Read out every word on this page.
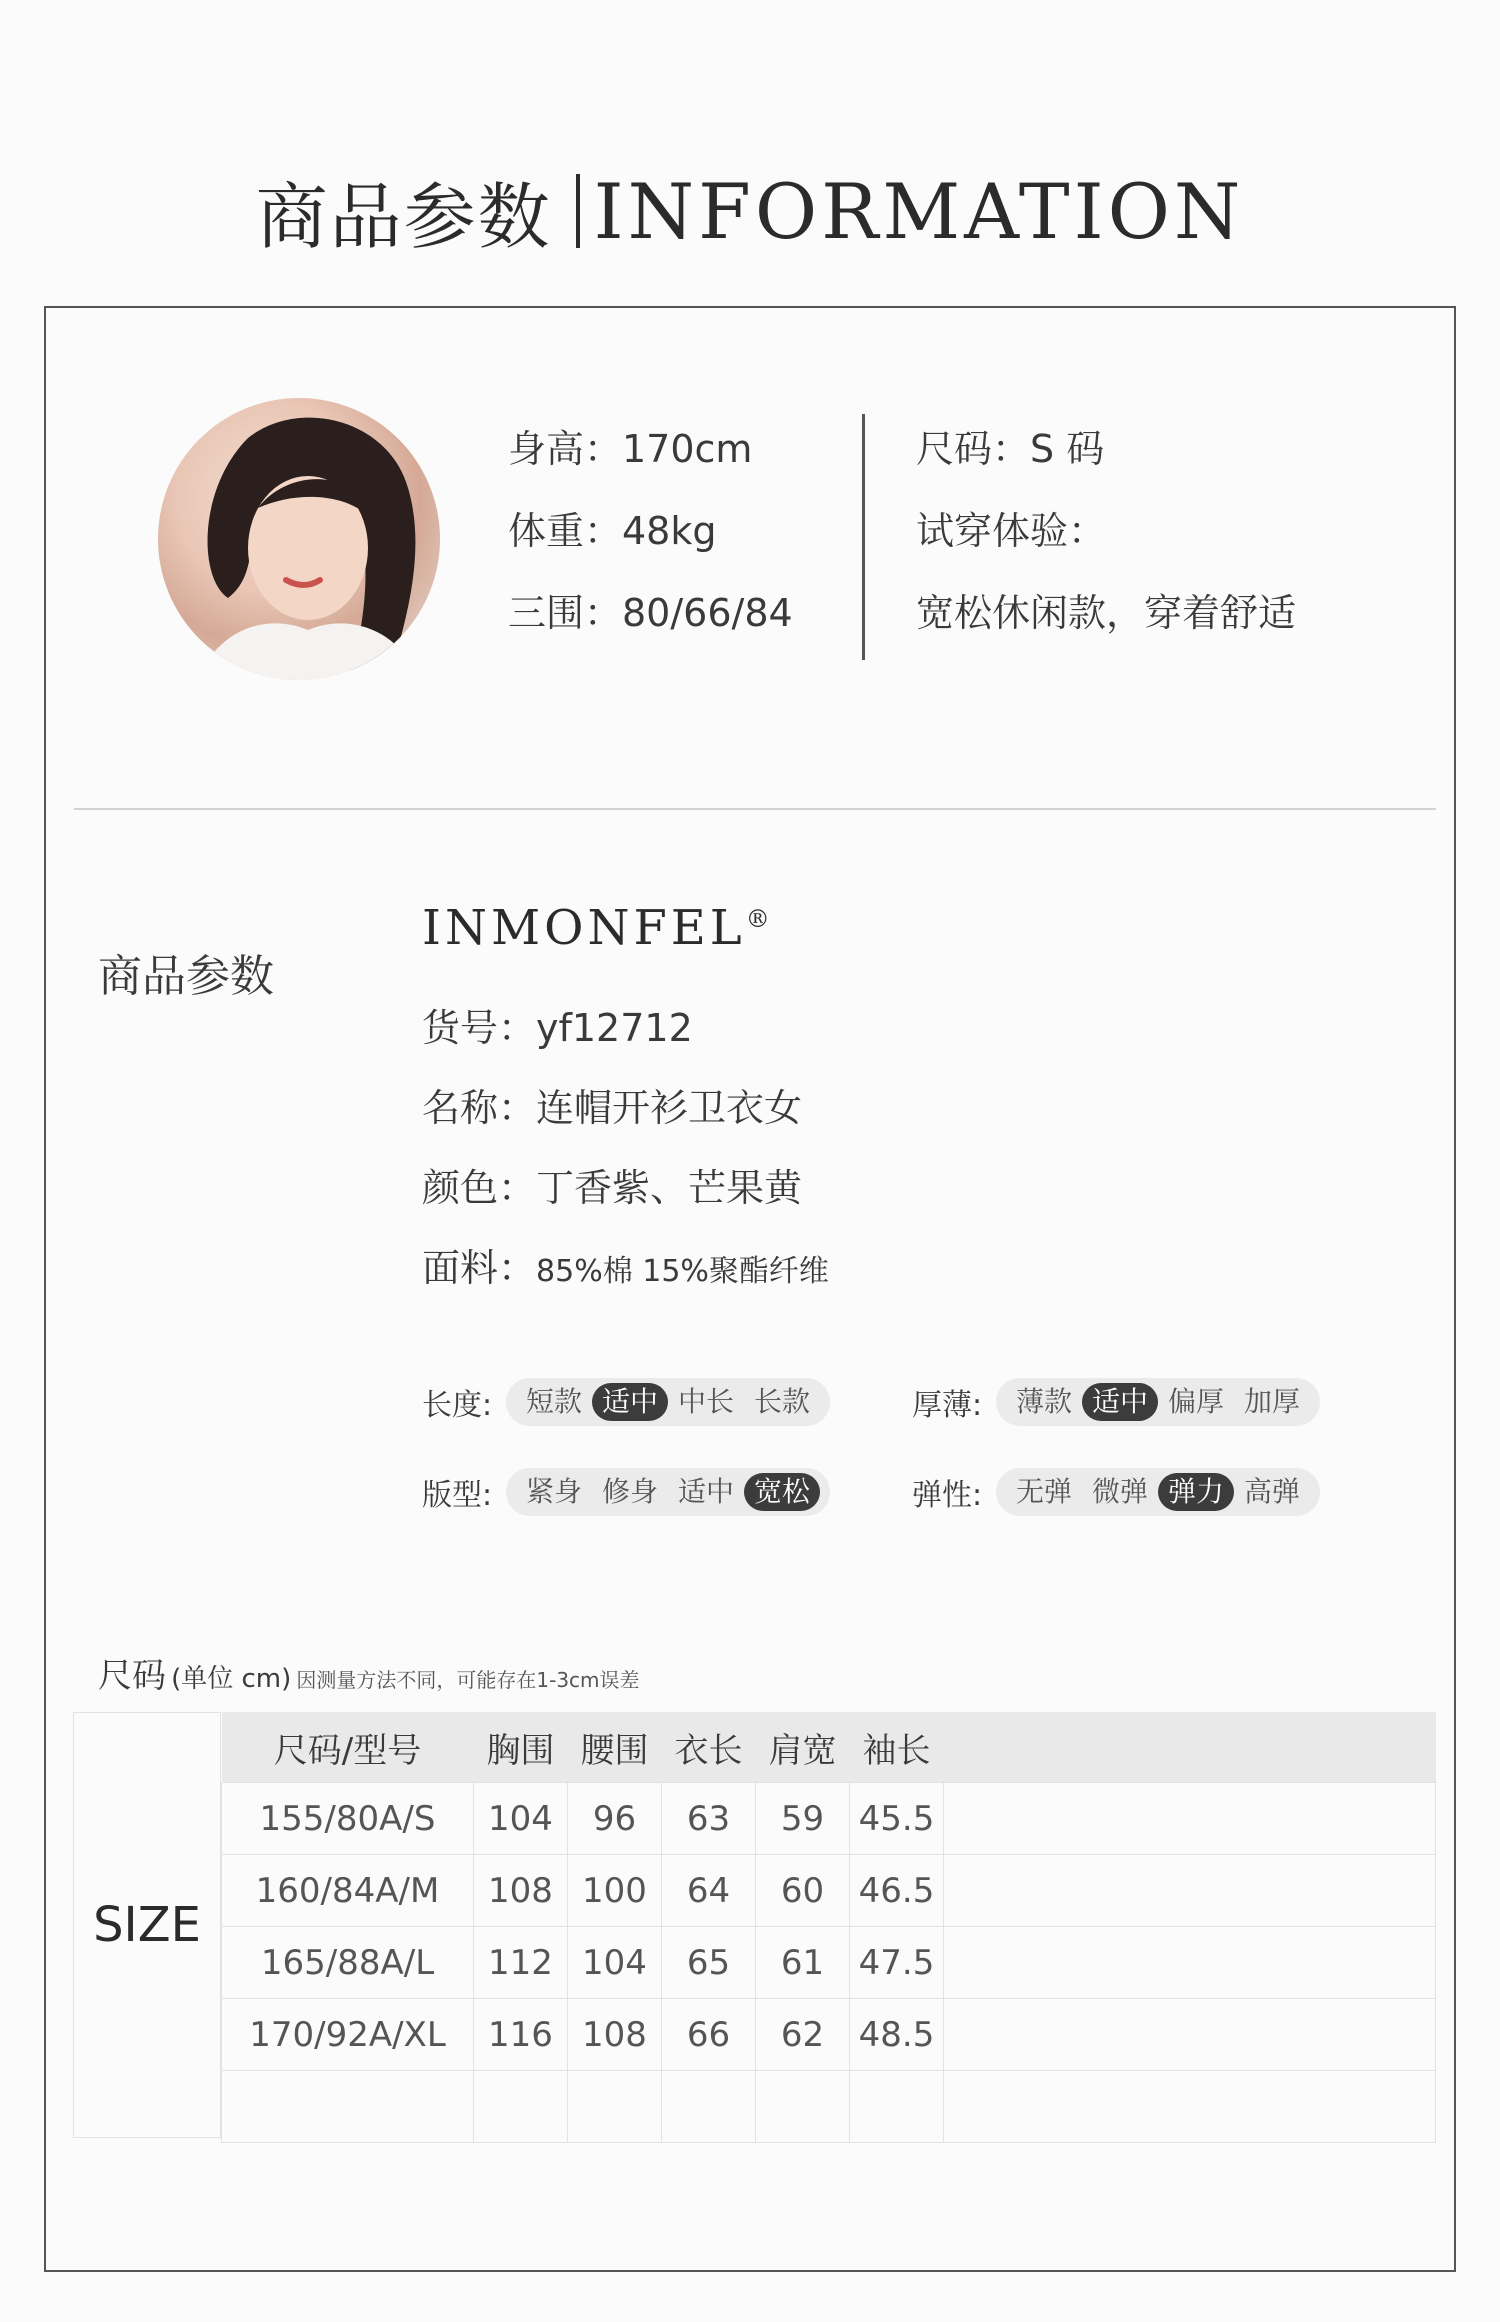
商品参数 INFORMATION
身高：170cm
体重：48kg
三围：80/66/84
尺码：S 码
试穿体验：
宽松休闲款，穿着舒适
商品参数
INMONFEL®
货号：yf12712
名称：连帽开衫卫衣女
颜色：丁香紫、芒果黄
面料：85%棉 15%聚酯纤维
长度:	短款 适中 中长 长款	厚薄:	薄款 适中 偏厚 加厚
版型:	紧身 修身 适中 宽松	弹性:	无弹 微弹 弹力 高弹
尺码 (单位 cm) 因测量方法不同，可能存在1-3cm误差
SIZE
尺码/型号	胸围	腰围	衣长	肩宽	袖长	
155/80A/S	104	96	63	59	45.5	
160/84A/M	108	100	64	60	46.5	
165/88A/L	112	104	65	61	47.5	
170/92A/XL	116	108	66	62	48.5	
